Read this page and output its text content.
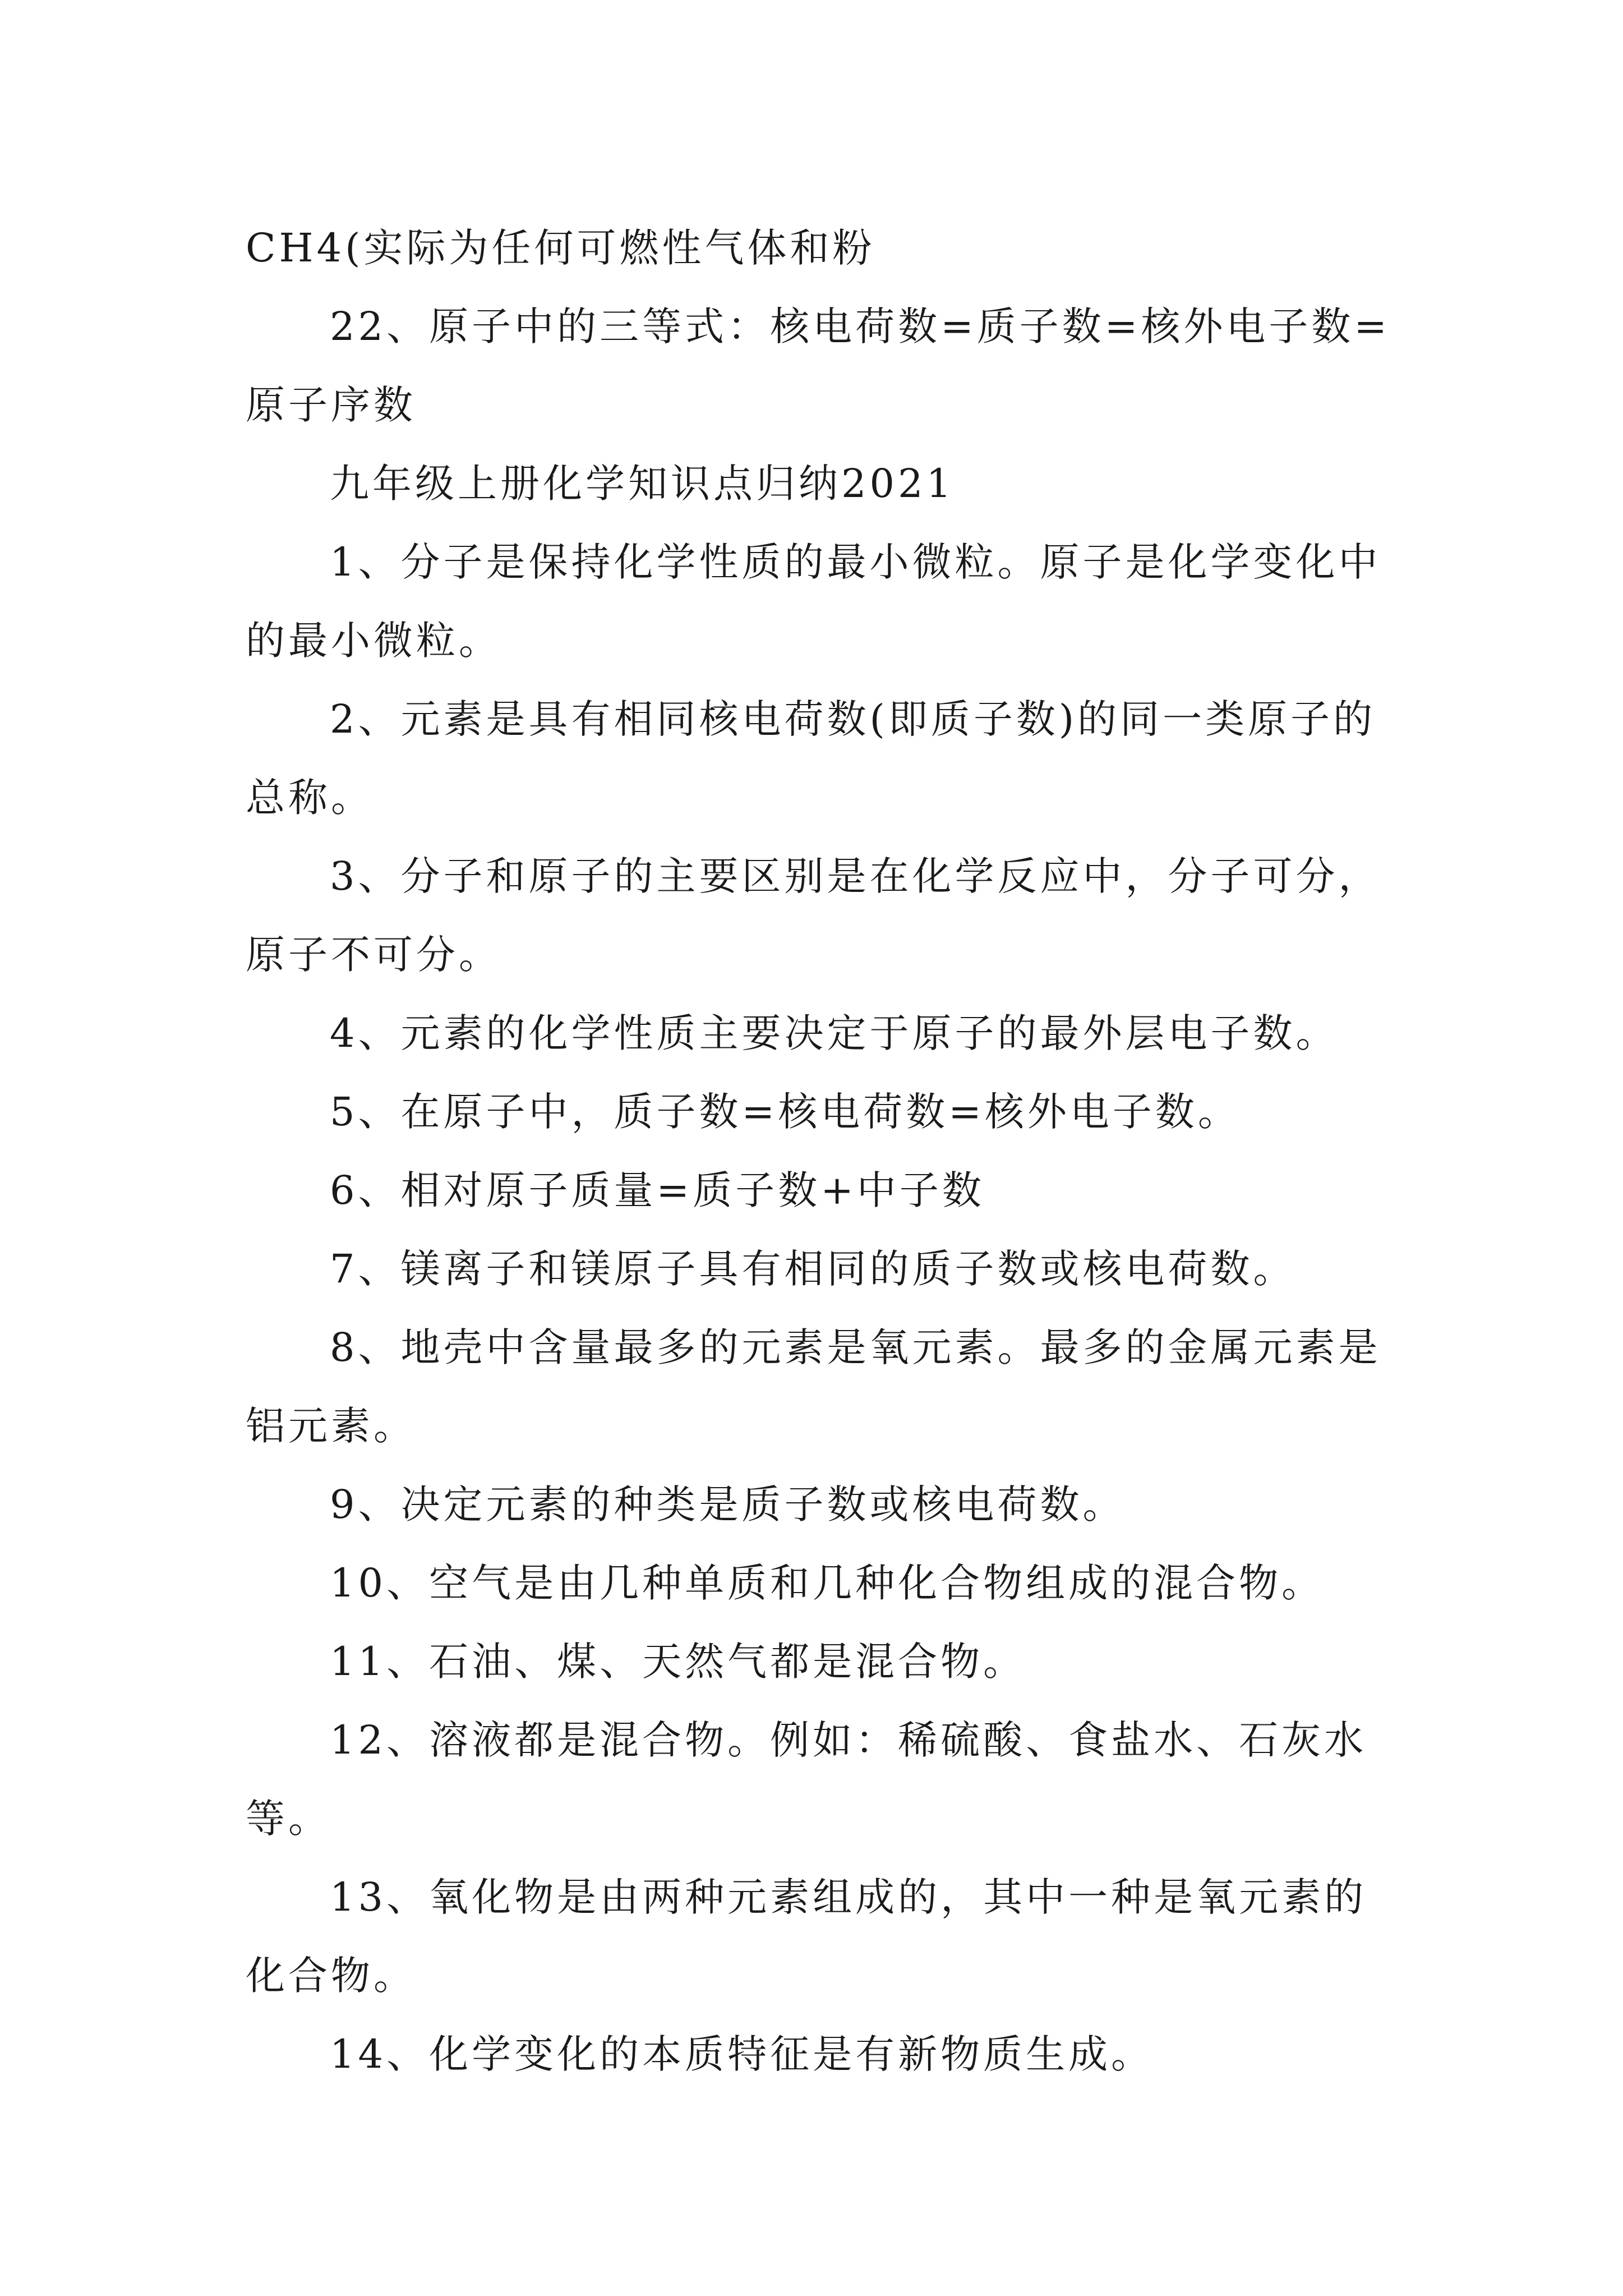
CH4(实际为任何可燃性气体和粉

22、原子中的三等式：核电荷数=质子数=核外电子数=原子序数

九年级上册化学知识点归纳2021

1、分子是保持化学性质的最小微粒。原子是化学变化中的最小微粒。

2、元素是具有相同核电荷数(即质子数)的同一类原子的总称。

3、分子和原子的主要区别是在化学反应中，分子可分，原子不可分。

4、元素的化学性质主要决定于原子的最外层电子数。

5、在原子中，质子数=核电荷数=核外电子数。

6、相对原子质量=质子数+中子数

7、镁离子和镁原子具有相同的质子数或核电荷数。

8、地壳中含量最多的元素是氧元素。最多的金属元素是铝元素。

9、决定元素的种类是质子数或核电荷数。

10、空气是由几种单质和几种化合物组成的混合物。

11、石油、煤、天然气都是混合物。

12、溶液都是混合物。例如：稀硫酸、食盐水、石灰水等。

13、氧化物是由两种元素组成的，其中一种是氧元素的化合物。

14、化学变化的本质特征是有新物质生成。
